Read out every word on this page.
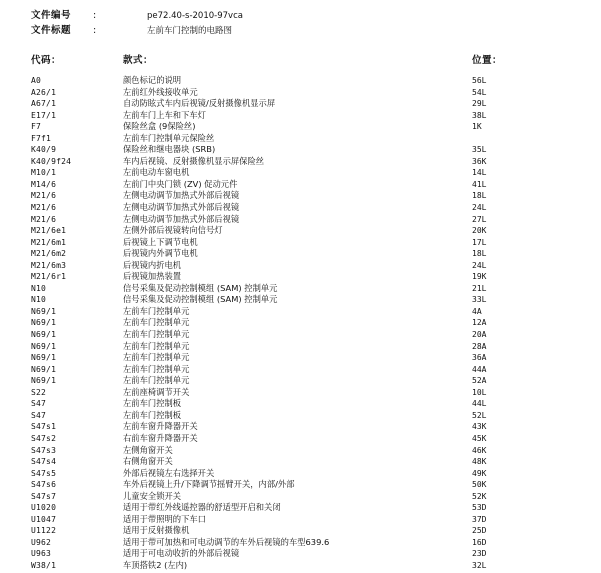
文件编号 :	pe72.40-s-2010-97vca
文件标题 :	左前车门控制的电路图
代码：	款式：	位置：
A0	颜色标记的说明	56L
A26/1	左前红外线接收单元	54L
A67/1	自动防眩式车内后视镜/反射摄像机显示屏	29L
E17/1	左前车门上车和下车灯	38L
F7	保险丝盒 (9保险丝)	1K
F7f1	左前车门控制单元保险丝
K40/9	保险丝和继电器块 (SRB)	35L
K40/9f24	车内后视镜、反射摄像机显示屏保险丝	36K
M10/1	左前电动车窗电机	14L
M14/6	左前门中央门锁 (ZV) 促动元件	41L
M21/6	左侧电动调节加热式外部后视镜	18L
M21/6	左侧电动调节加热式外部后视镜	24L
M21/6	左侧电动调节加热式外部后视镜	27L
M21/6e1	左侧外部后视镜转向信号灯	20K
M21/6m1	后视镜上下调节电机	17L
M21/6m2	后视镜内外调节电机	18L
M21/6m3	后视镜内折电机	24L
M21/6r1	后视镜加热装置	19K
N10	信号采集及促动控制模组 (SAM) 控制单元	21L
N10	信号采集及促动控制模组 (SAM) 控制单元	33L
N69/1	左前车门控制单元	4A
N69/1	左前车门控制单元	12A
N69/1	左前车门控制单元	20A
N69/1	左前车门控制单元	28A
N69/1	左前车门控制单元	36A
N69/1	左前车门控制单元	44A
N69/1	左前车门控制单元	52A
S22	左前座椅调节开关	10L
S47	左前车门控制板	44L
S47	左前车门控制板	52L
S47s1	左前车窗升降器开关	43K
S47s2	右前车窗升降器开关	45K
S47s3	左侧角窗开关	46K
S47s4	右侧角窗开关	48K
S47s5	外部后视镜左右选择开关	49K
S47s6	车外后视镜上升/下降调节摇臂开关，内部/外部	50K
S47s7	儿童安全锁开关	52K
U1020	适用于带红外线遥控器的舒适型开启和关闭	53D
U1047	适用于带照明的下车口	37D
U1122	适用于反射摄像机	25D
U962	适用于带可加热和可电动调节的车外后视镜的车型639.6	16D
U963	适用于可电动收折的外部后视镜	23D
W38/1	车顶搭铁2 (左内)	32L
